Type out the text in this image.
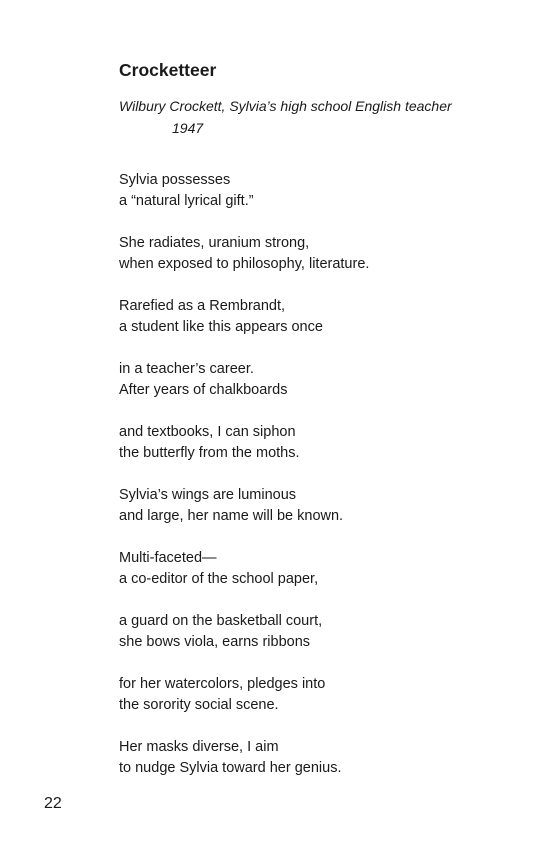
Crocketteer
Wilbury Crockett, Sylvia’s high school English teacher
1947
Sylvia possesses
a “natural lyrical gift.”
She radiates, uranium strong,
when exposed to philosophy, literature.
Rarefied as a Rembrandt,
a student like this appears once
in a teacher’s career.
After years of chalkboards
and textbooks, I can siphon
the butterfly from the moths.
Sylvia’s wings are luminous
and large, her name will be known.
Multi-faceted—
a co-editor of the school paper,
a guard on the basketball court,
she bows viola, earns ribbons
for her watercolors, pledges into
the sorority social scene.
Her masks diverse, I aim
to nudge Sylvia toward her genius.
22
